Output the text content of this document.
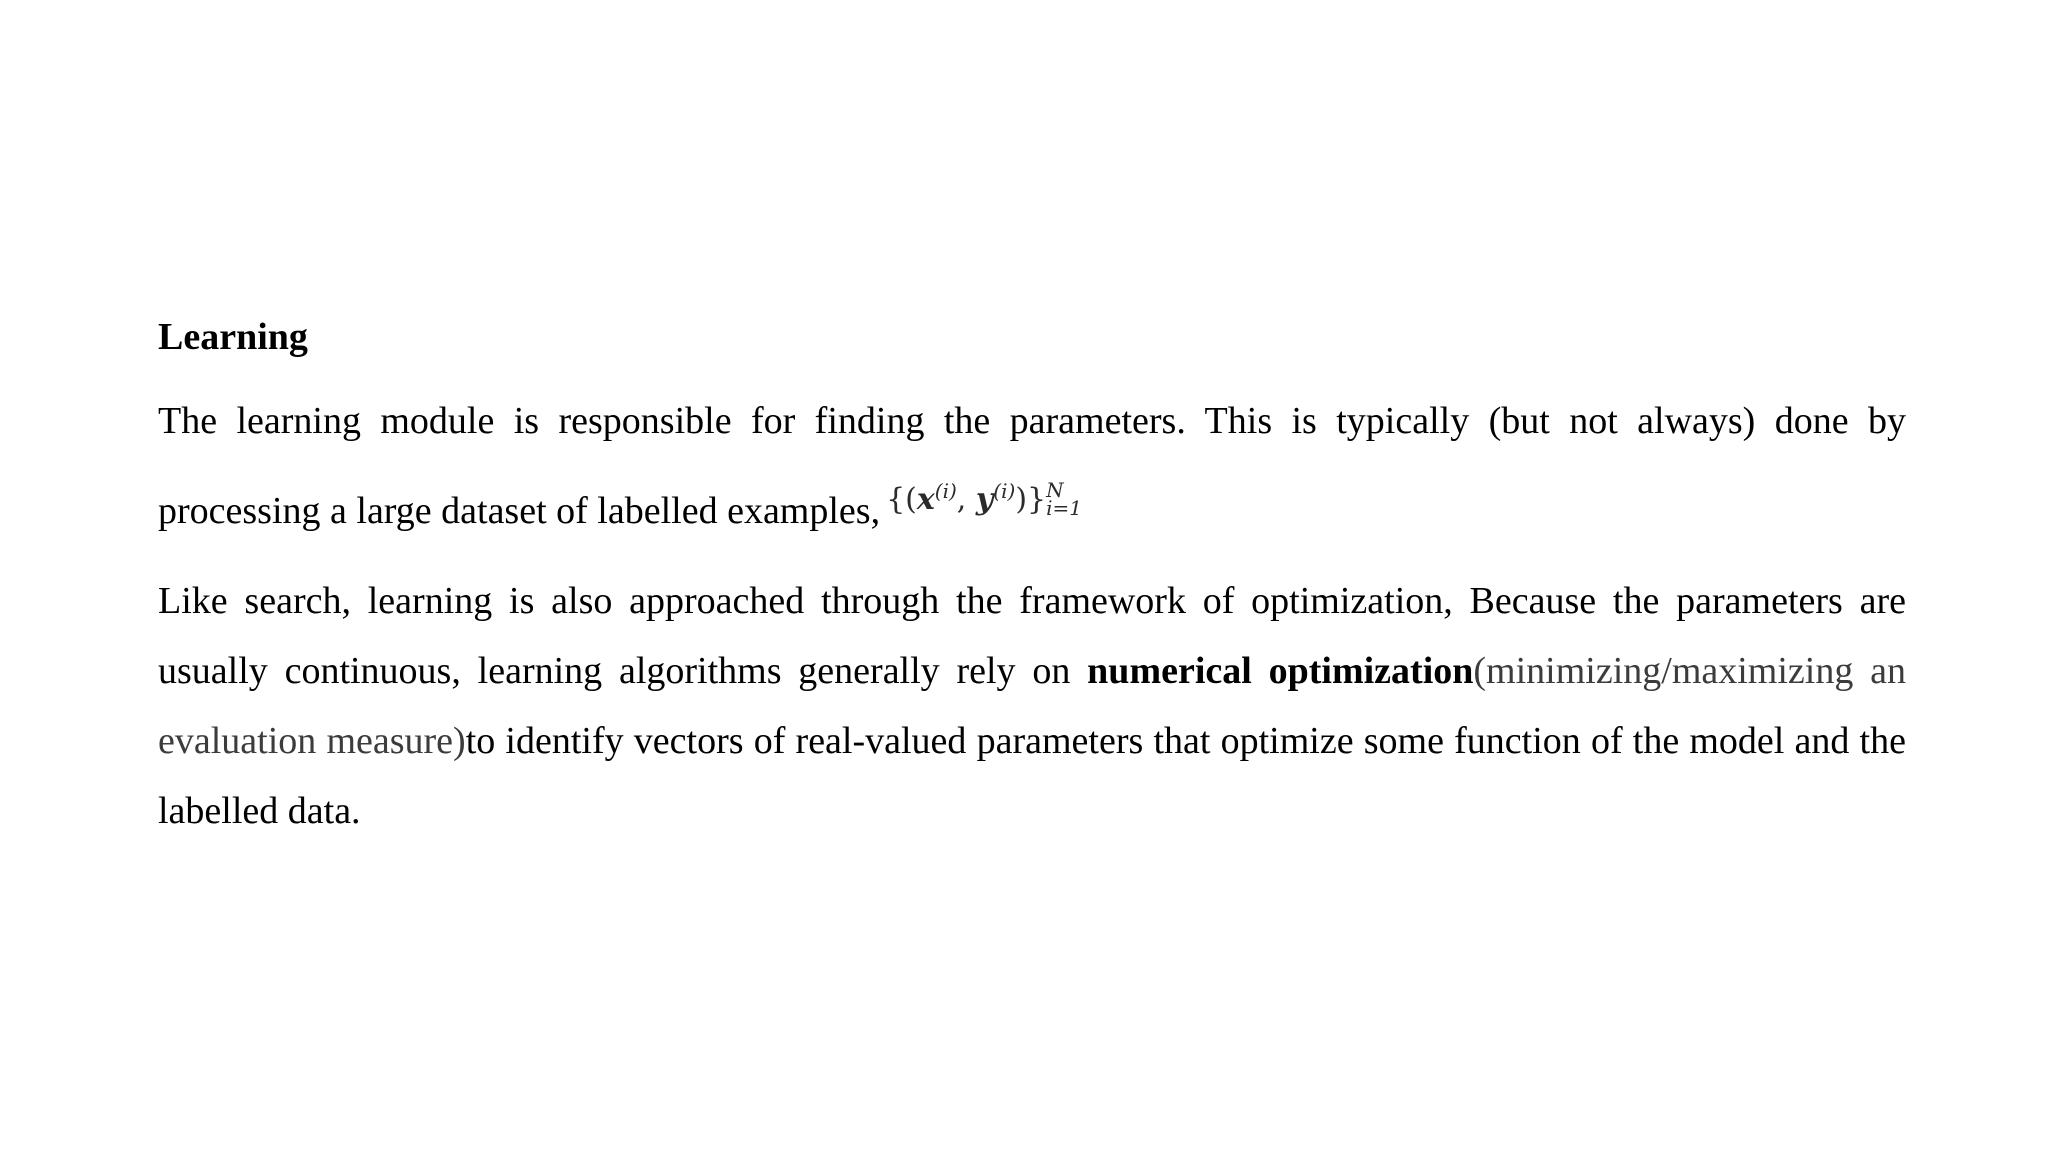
Learning

The learning module is responsible for finding the parameters. This is typically (but not always) done by processing a large dataset of labelled examples, {($x^{(i)}$, $y^{(i)}$)} N
i=1

Like search, learning is also approached through the framework of optimization, Because the parameters are usually continuous, learning algorithms generally rely on numerical optimization(minimizing/maximizing an evaluation measure)to identify vectors of real-valued parameters that optimize some function of the model and the labelled data.
